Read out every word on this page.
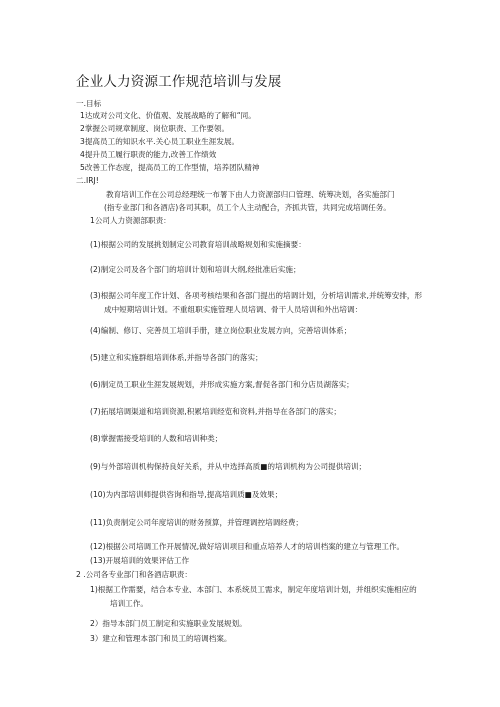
企业人力资源工作规范培训与发展
一.目标
1达成对公司文化、价值观、发展战略的了解和“同。
2掌握公司规章制度、岗位职责、工作要领。
3提高员工的知识水平.关心员工职业生涯发展。
4提升员工履行职责的能力,改善工作绩效
5改善工作态度，提高员工的工作型情，培养团队精神
二.IRJ!
教育培训工作在公司总经理统一布署下由人力资源部归口管理、统筹决划，各实施部门
(指专业部门和各酒店)各司其职，员工个人主动配合，齐抓共管，共同完成培调任务。
1公司人力资源部职责：
(1)根据公司的发展挑划制定公司教育培训战略规划和实施摘要：
(2)制定公司及各个部门的培训计划和培训大纲,经批准后实施；
(3)根据公司年度工作计划、各项考核结果和各部门提出的培调计划，分析培训需求,并统筹安排，形
成中短期培训计划。不重组职实施管理人员培调、骨干人员培训和外出培调：
(4)编制、修订、完善员工培训手册，建立岗位职业发展方向，完善培训体系；
(5)建立和实施群组培训体系,并指导各部门的落实；
(6)制定员工职业生涯发展规划，并形成实施方案,督促各部门和分店员湖落实；
(7)拓展培调渠道和培训资源,积累培训经览和资料,并指导在各部门的落实；
(8)掌握需接受培训的人数和培训种类；
(9)与外部培训机构保持良好关系，并从中选择高质■的培训机构为公司提供培训；
(10)为内部培训师提供咨询和指导,提高培训质■及效果；
(11)负责制定公司年度培训的财务预算，并管理调控培调经费；
(12)根据公司培调工作开展情况,做好培训项目和重点培养人才的培训档案的建立与管理工作。
(13)开展培训的效果评估工作
2 .公司各专业部门和各酒店职责：
1)根据工作需要，结合本专业、本部门、本系统员工需求，制定年度培训计划，并组织实施相应的
培训工作。
2）指导本部门员工制定和实施职业发展规划。
3）建立和管理本部门和员工的培调档案。
